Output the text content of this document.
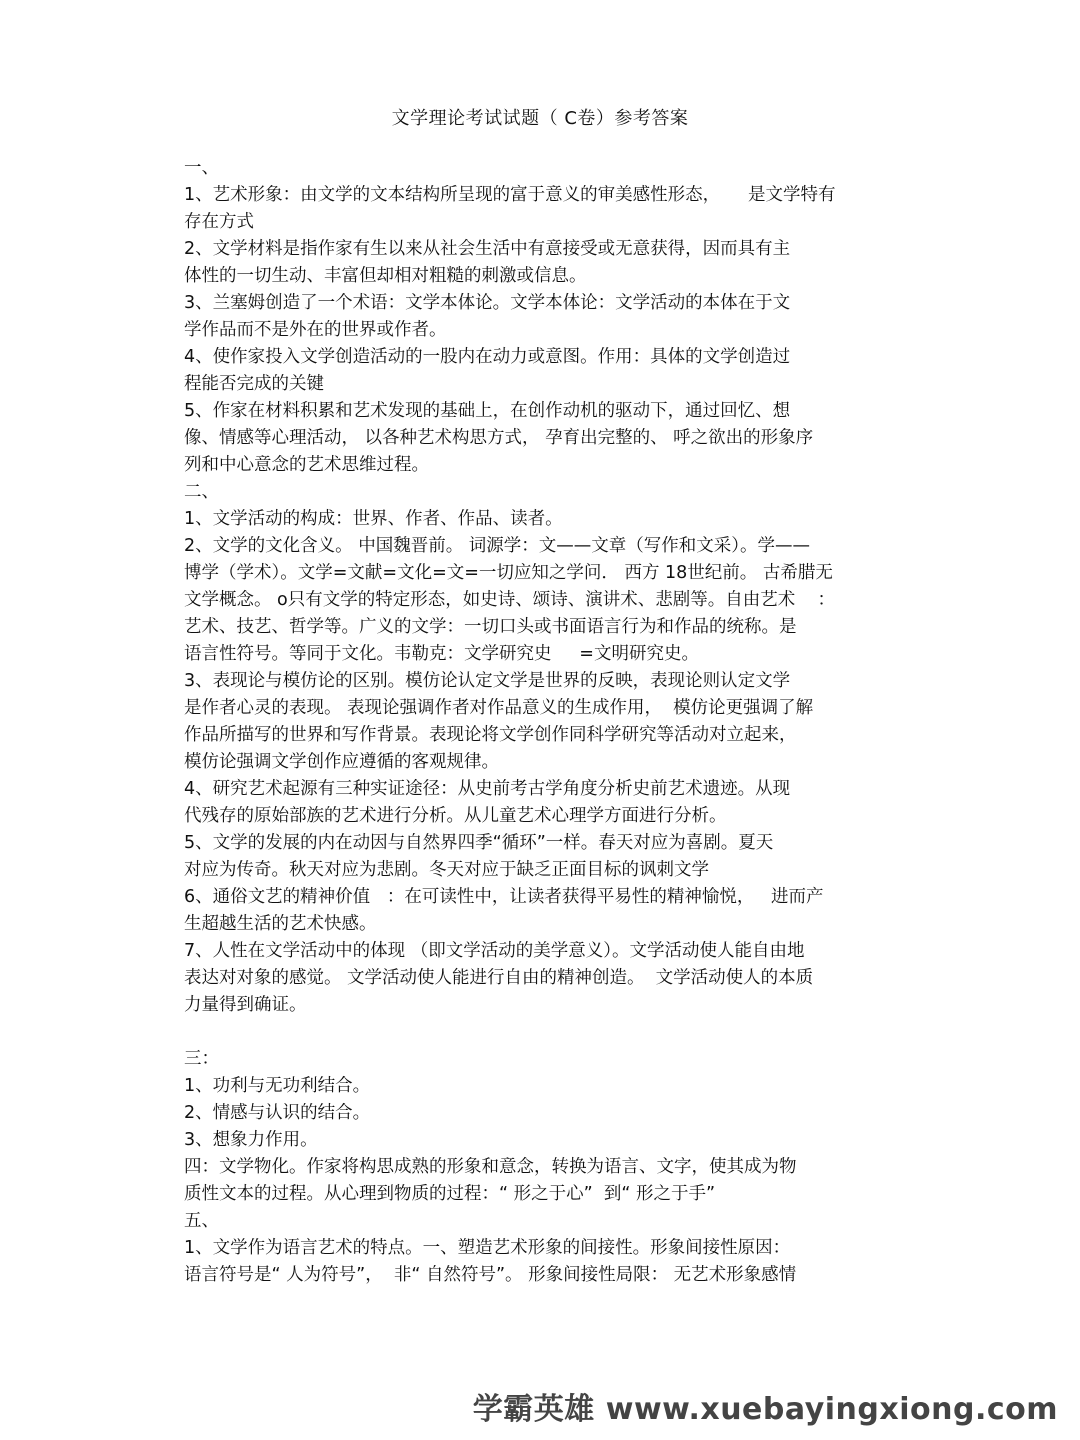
文学理论考试试题（ C卷）参考答案
一、
1、艺术形象：由文学的文本结构所呈现的富于意义的审美感性形态，     是文学特有
存在方式
2、文学材料是指作家有生以来从社会生活中有意接受或无意获得，因而具有主
体性的一切生动、丰富但却相对粗糙的刺激或信息。
3、兰塞姆创造了一个术语：文学本体论。文学本体论：文学活动的本体在于文
学作品而不是外在的世界或作者。
4、使作家投入文学创造活动的一股内在动力或意图。作用：具体的文学创造过
程能否完成的关键
5、作家在材料积累和艺术发现的基础上，在创作动机的驱动下，通过回忆、想
像、情感等心理活动， 以各种艺术构思方式， 孕育出完整的、 呼之欲出的形象序
列和中心意念的艺术思维过程。
二、
1、文学活动的构成：世界、作者、作品、读者。
2、文学的文化含义。 中国魏晋前。 词源学：文——文章（写作和文采）。学——
博学（学术）。文学=文献=文化=文=一切应知之学问． 西方 18世纪前。 古希腊无
文学概念。 o只有文学的特定形态，如史诗、颂诗、演讲术、悲剧等。自由艺术    ：
艺术、技艺、哲学等。广义的文学：一切口头或书面语言行为和作品的统称。是
语言性符号。等同于文化。韦勒克：文学研究史     =文明研究史。
3、表现论与模仿论的区别。模仿论认定文学是世界的反映，表现论则认定文学
是作者心灵的表现。 表现论强调作者对作品意义的生成作用，  模仿论更强调了解
作品所描写的世界和写作背景。表现论将文学创作同科学研究等活动对立起来，
模仿论强调文学创作应遵循的客观规律。
4、研究艺术起源有三种实证途径：从史前考古学角度分析史前艺术遗迹。从现
代残存的原始部族的艺术进行分析。从儿童艺术心理学方面进行分析。
5、文学的发展的内在动因与自然界四季“循环”一样。春天对应为喜剧。夏天
对应为传奇。秋天对应为悲剧。冬天对应于缺乏正面目标的讽刺文学
6、通俗文艺的精神价值   ：在可读性中，让读者获得平易性的精神愉悦，   进而产
生超越生活的艺术快感。
7、人性在文学活动中的体现 （即文学活动的美学意义）。文学活动使人能自由地
表达对对象的感觉。 文学活动使人能进行自由的精神创造。  文学活动使人的本质
力量得到确证。
三：
1、功利与无功利结合。
2、情感与认识的结合。
3、想象力作用。
四：文学物化。作家将构思成熟的形象和意念，转换为语言、文字，使其成为物
质性文本的过程。从心理到物质的过程：“ 形之于心”  到“ 形之于手”
五、
1、文学作为语言艺术的特点。一、塑造艺术形象的间接性。形象间接性原因：
语言符号是“ 人为符号”，  非“ 自然符号”。 形象间接性局限： 无艺术形象感情
学霸英雄 www.xuebayingxiong.com
